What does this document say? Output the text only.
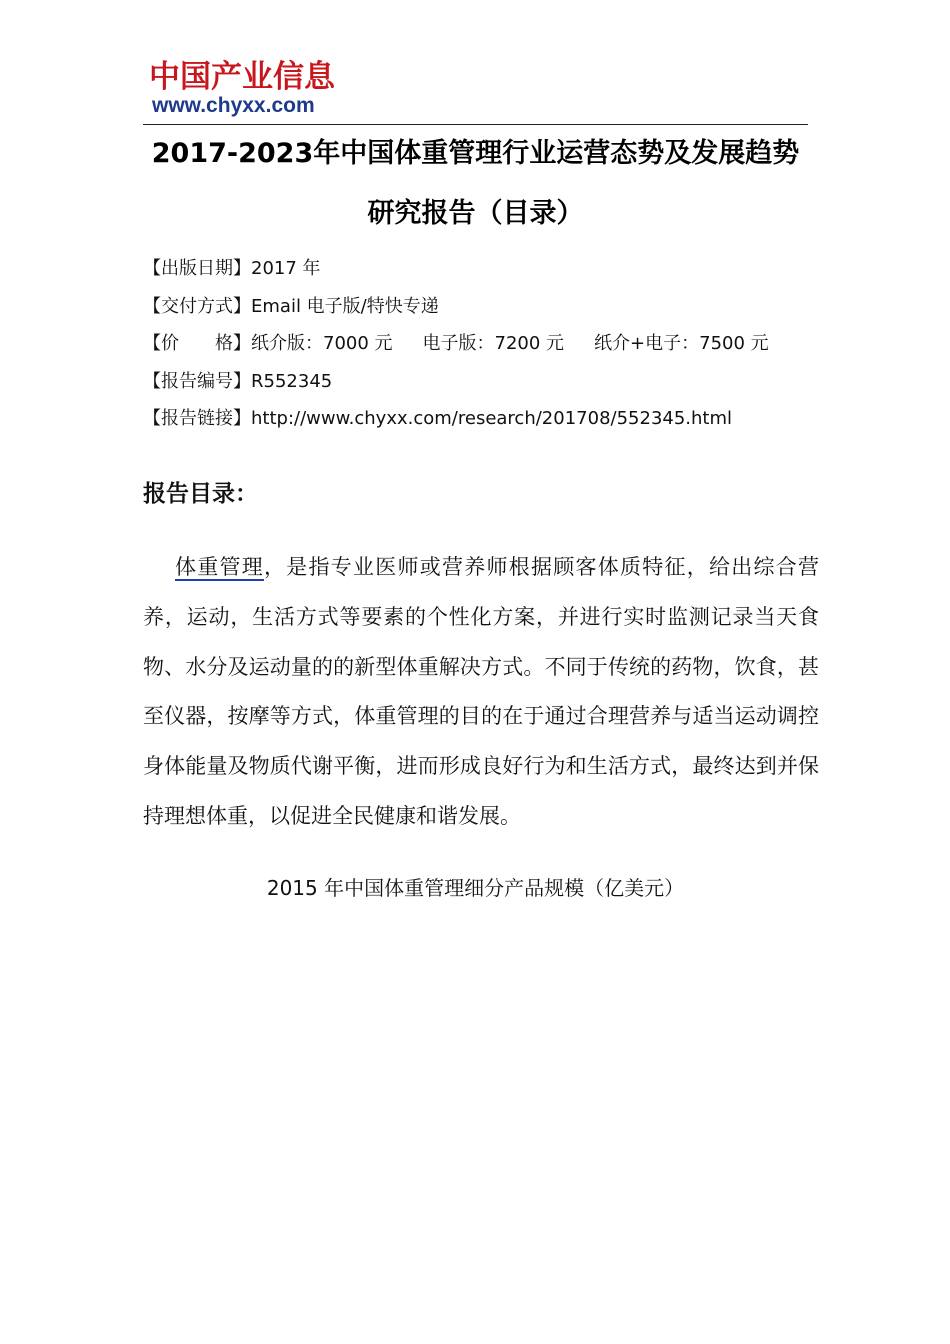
中国产业信息
www.chyxx.com
2017-2023年中国体重管理行业运营态势及发展趋势
研究报告（目录）
【出版日期】2017 年
【交付方式】Email 电子版/特快专递
【价　　格】纸介版：7000 元 电子版：7200 元 纸介+电子：7500 元
【报告编号】R552345
【报告链接】http://www.chyxx.com/research/201708/552345.html
报告目录：
体重管理，是指专业医师或营养师根据顾客体质特征，给出综合营养，运动，生活方式等要素的个性化方案，并进行实时监测记录当天食物、水分及运动量的的新型体重解决方式。不同于传统的药物，饮食，甚至仪器，按摩等方式，体重管理的目的在于通过合理营养与适当运动调控身体能量及物质代谢平衡，进而形成良好行为和生活方式，最终达到并保持理想体重，以促进全民健康和谐发展。
2015 年中国体重管理细分产品规模（亿美元）
